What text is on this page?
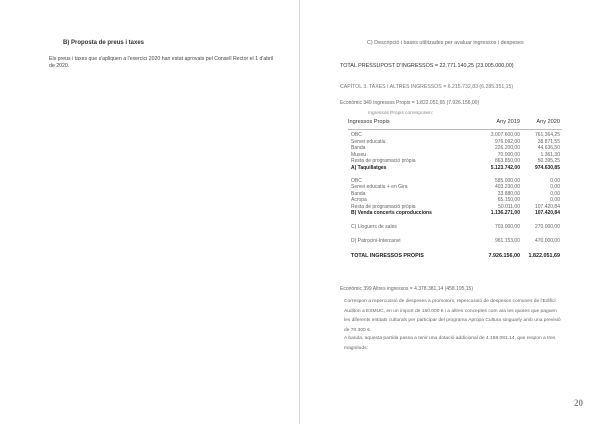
B) Proposta de preus i taxes
Els preus i taxes que s'apliquen a l'exercici 2020 han estat aprovats pel Consell Rector el 1 d'abril de 2020.
C) Descripció i bases utilitzades per avaluar ingressos i despeses
TOTAL PRESSUPOST D'INGRESSOS = 22.771.140,25 (23.005.000,00)
CAPÍTOL 3. TAXES I ALTRES INGRESSOS = 6.215.732,83 (6.285.351,15)
Econòmic 349 Ingressos Propis = 1.822.051,65 (7.926.156,00)
Ingressos Propis corresponen:
Ingressos Propis	Any 2019	Any 2020
OBC	3.007.600,00	761.364,25
Servei educatiu	976.092,00	38.871,55
Banda	226.200,00	44.636,50
Museu	70.000,00	1.361,30
Resta de programació pròpia	863.850,00	50.395,25
A) Taquillatges	5.123.742,00	974.630,85
OBC	585.000,00	0,00
Servei educatiu + en Gira	403.230,00	0,00
Banda	33.880,00	0,00
Acropa	65.150,00	0,00
Resta de programació pròpia	50.011,00	107.420,84
B) Venda concerts coproduccions	1.136.271,00	107.420,84
C) Lloguers de sales	703.000,00	270.000,00
D) Patrocini-Intercanvi	961.153,00	470.000,00
TOTAL INGRESSOS PROPIS	7.926.156,00 1.822.051,69
Econòmic 399 Altres ingressos = 4.378.381,14 (458.195,15)
Correspon a repercussió de despeses a promotors, repercussió de despeses comunes de l'Edifici Auditori a ESMUC, en un import de 150.000 € i a altres conceptes com ara les quotes que paguen les diferents entitats culturals per participar del programa Apropa Cultura singuarly amb una previsió de 70.300 €.
A banda, aquesta partida passa a tenir una dotació addicional de 4.158.081,14, que respon a tres magnituds:
20
